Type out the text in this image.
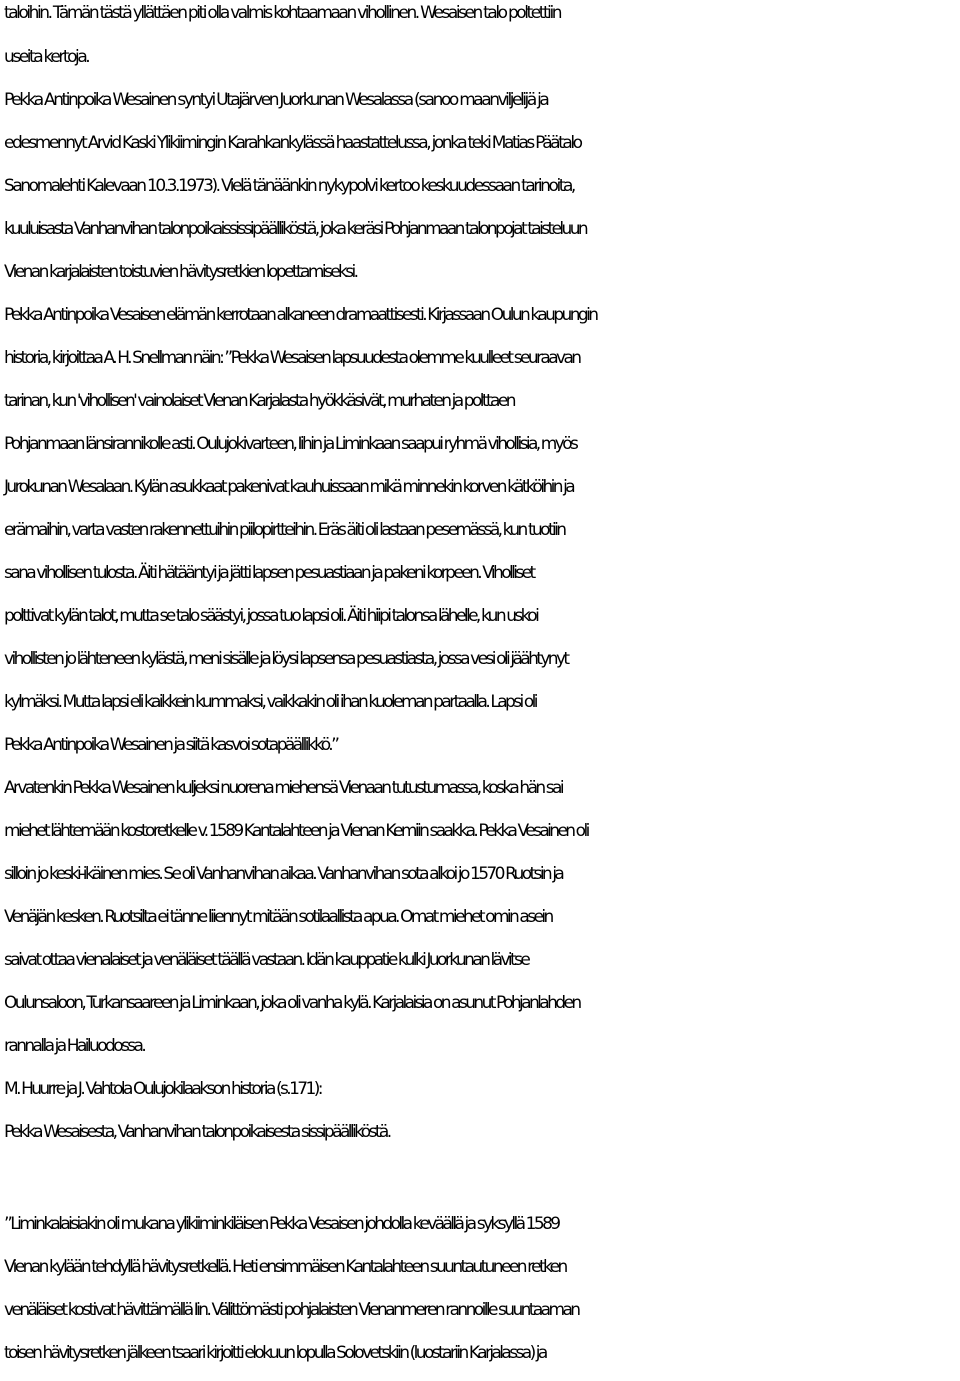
taloihin. Tämän tästä yllättäen piti olla valmis kohtaamaan vihollinen. Wesaisen talo poltettiin

useita kertoja.

Pekka Antinpoika Wesainen syntyi Utajärven Juorkunan Wesalassa (sanoo maanviljelijä ja

edesmennyt Arvid Kaski Ylikiimingin Karahkankylässä haastattelussa, jonka teki Matias Päätalo

Sanomalehti Kalevaan 10.3.1973). Vielä tänäänkin nykypolvi kertoo keskuudessaan tarinoita,

kuuluisasta Vanhanvihan talonpoikaississipäälliköstä, joka keräsi Pohjanmaan talonpojat taisteluun

Vienan karjalaisten toistuvien hävitysretkien lopettamiseksi.

Pekka Antinpoika Vesaisen elämän kerrotaan alkaneen dramaattisesti. Kirjassaan Oulun kaupungin

historia, kirjoittaa A. H. Snellman näin: ”Pekka Wesaisen lapsuudesta olemme kuulleet seuraavan

tarinan, kun 'vihollisen' vainolaiset Vienan Karjalasta hyökkäsivät, murhaten ja polttaen

Pohjanmaan länsirannikolle asti. Oulujokivarteen, Iihin ja Liminkaan saapui ryhmä vihollisia, myös

Jurokunan Wesalaan. Kylän asukkaat pakenivat kauhuissaan mikä minnekin korven kätköihin ja

erämaihin, varta vasten rakennettuihin piilopirtteihin. Eräs äiti oli lastaan pesemässä, kun tuotiin

sana vihollisen tulosta. Äiti hätääntyi ja jätti lapsen pesuastiaan ja pakeni korpeen. Viholliset

polttivat kylän talot, mutta se talo säästyi, jossa tuo lapsi oli. Äiti hiipi talonsa lähelle, kun uskoi

vihollisten jo lähteneen kylästä, meni sisälle ja löysi lapsensa pesuastiasta, jossa vesi oli jäähtynyt

kylmäksi. Mutta lapsi eli kaikkein kummaksi, vaikkakin oli ihan kuoleman partaalla. Lapsi oli

Pekka Antinpoika Wesainen ja siitä kasvoi sotapäällikkö.”

Arvatenkin Pekka Wesainen kuljeksi nuorena miehensä Vienaan tutustumassa, koska hän sai

miehet lähtemään kostoretkelle v. 1589 Kantalahteen ja Vienan Kemiin saakka. Pekka Vesainen oli

silloin jo keski-ikäinen mies. Se oli Vanhanvihan aikaa. Vanhanvihan sota alkoi jo 1570 Ruotsin ja

Venäjän kesken. Ruotsilta ei tänne liiennyt mitään sotilaallista apua. Omat miehet omin asein

saivat ottaa vienalaiset ja venäläiset täällä vastaan. Idän kauppatie kulki Juorkunan lävitse

Oulunsaloon, Turkansaareen ja Liminkaan, joka oli vanha kylä. Karjalaisia on asunut Pohjanlahden

rannalla ja Hailuodossa.

M. Huurre ja J. Vahtola Oulujokilaakson historia (s.171):

Pekka Wesaisesta, Vanhanvihan talonpoikaisesta sissipäälliköstä.

”Liminkalaisiakin oli mukana ylikiiminkiläisen Pekka Vesaisen johdolla keväällä ja syksyllä 1589

Vienan kylään tehdyllä hävitysretkellä. Heti ensimmäisen Kantalahteen suuntautuneen retken

venäläiset kostivat hävittämällä Iin. Välittömästi pohjalaisten Vienanmeren rannoille suuntaaman

toisen hävitysretken jälkeen tsaari kirjoitti elokuun lopulla Solovetskiin (luostariin Karjalassa) ja
